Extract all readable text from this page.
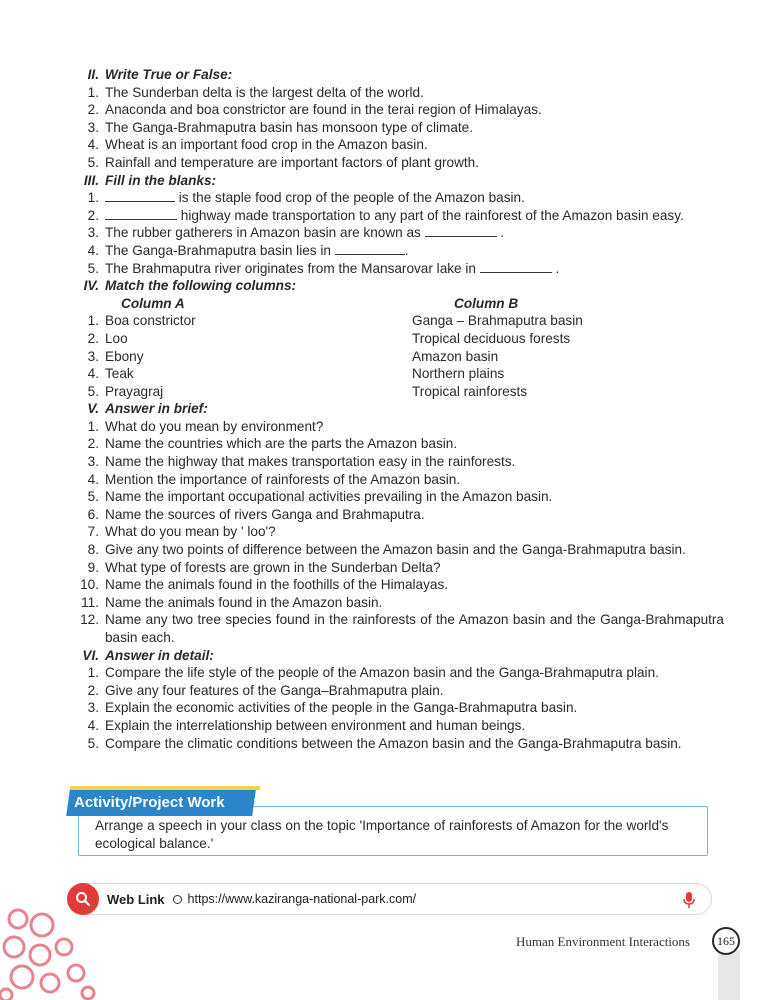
II. Write True or False:
1. The Sunderban delta is the largest delta of the world.
2. Anaconda and boa constrictor are found in the terai region of Himalayas.
3. The Ganga-Brahmaputra basin has monsoon type of climate.
4. Wheat is an important food crop in the Amazon basin.
5. Rainfall and temperature are important factors of plant growth.
III. Fill in the blanks:
1.	is the staple food crop of the people of the Amazon basin.
2.	highway made transportation to any part of the rainforest of the Amazon basin easy.
3. The rubber gatherers in Amazon basin are known as	.
4. The Ganga-Brahmaputra basin lies in	.
5. The Brahmaputra river originates from the Mansarovar lake in	.
IV. Match the following columns:
Column A	Column B
1. Boa constrictor	Ganga – Brahmaputra basin
2. Loo	Tropical deciduous forests
3. Ebony	Amazon basin
4. Teak	Northern plains
5. Prayagraj	Tropical rainforests
V. Answer in brief:
1. What do you mean by environment?
2. Name the countries which are the parts the Amazon basin.
3. Name the highway that makes transportation easy in the rainforests.
4. Mention the importance of rainforests of the Amazon basin.
5. Name the important occupational activities prevailing in the Amazon basin.
6. Name the sources of rivers Ganga and Brahmaputra.
7. What do you mean by ' loo'?
8. Give any two points of difference between the Amazon basin and the Ganga-Brahmaputra basin.
9. What type of forests are grown in the Sunderban Delta?
10. Name the animals found in the foothills of the Himalayas.
11. Name the animals found in the Amazon basin.
12. Name any two tree species found in the rainforests of the Amazon basin and the Ganga-Brahmaputra basin each.
VI. Answer in detail:
1. Compare the life style of the people of the Amazon basin and the Ganga-Brahmaputra plain.
2. Give any four features of the Ganga–Brahmaputra plain.
3. Explain the economic activities of the people in the Ganga-Brahmaputra basin.
4. Explain the interrelationship between environment and human beings.
5. Compare the climatic conditions between the Amazon basin and the Ganga-Brahmaputra basin.
Arrange a speech in your class on the topic 'Importance of rainforests of Amazon for the world's ecological balance.'
Activity/Project Work
Web Link https://www.kaziranga-national-park.com/
Human Environment Interactions	165
